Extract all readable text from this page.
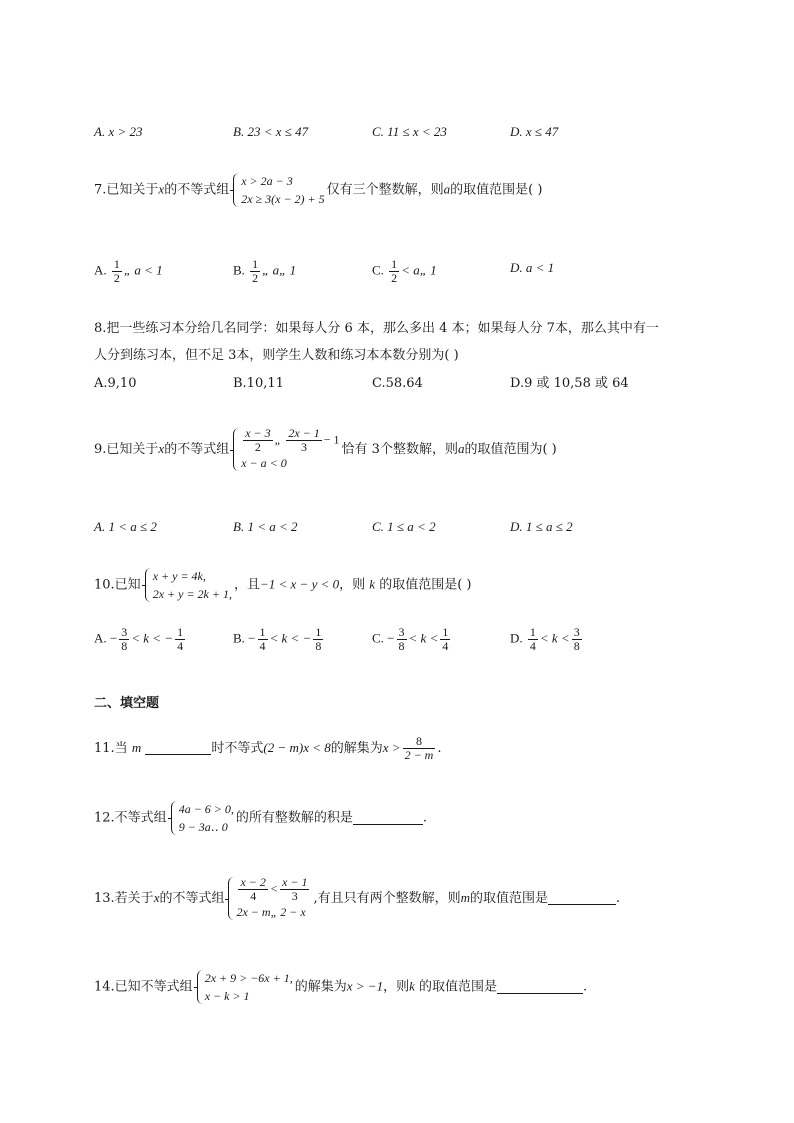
A. x > 23	B. 23 < x ≤ 47	C. 11 ≤ x < 23	D. x ≤ 47
7.已知关于x的不等式组
x > 2a − 3
2x ≥ 3(x − 2) + 5
仅有三个整数解，则a的取值范围是( )
A. $\frac{1}{2}$ „ a < 1	B. $\frac{1}{2}$ „ a„ 1	C. $\frac{1}{2}$ < a„ 1	D. a < 1
8.把一些练习本分给几名同学：如果每人分 6 本，那么多出 4 本；如果每人分 7本，那么其中有一
人分到练习本，但不足 3本，则学生人数和练习本本数分别为( )
A.9,10	B.10,11	C.58.64	D.9 或 10,58 或 64
9.已知关于x的不等式组 $\frac{x - 3}{2}$ „ $\frac{2x - 1}{3} - 1$
x − a < 0
恰有 3个整数解，则a的取值范围为( )
A. 1 < a ≤ 2	B. 1 < a < 2	C. 1 ≤ a < 2	D. 1 ≤ a ≤ 2
10.已知
x + y = 4k,
2x + y = 2k + 1,
，且−1 < x − y < 0，则 k 的取值范围是( )
A. − $\frac{3}{8} < k$ < − $\frac{1}{4}$	B. − $\frac{1}{4} < k$ < − $\frac{1}{8}$	C. − $\frac{3}{8} < k < \frac{1}{4}$	D. $\frac{1}{4} < k < \frac{3}{8}$
二、填空题
11.当 m	时不等式(2 − m)x < 8的解集为$x > \frac{8}{2 - m}$ .
12.不等式组
4a − 6 > 0,
9 − 3a‥ 0
的所有整数解的积是	.
13.若关于x的不等式组 $\frac{x - 2}{4} < \frac{x - 1}{3}$
2x − m„ 2 − x
,有且只有两个整数解，则m的取值范围是	.
14.已知不等式组
2x + 9 > −6x + 1,
x − k > 1
的解集为x > −1，则k 的取值范围是	.
